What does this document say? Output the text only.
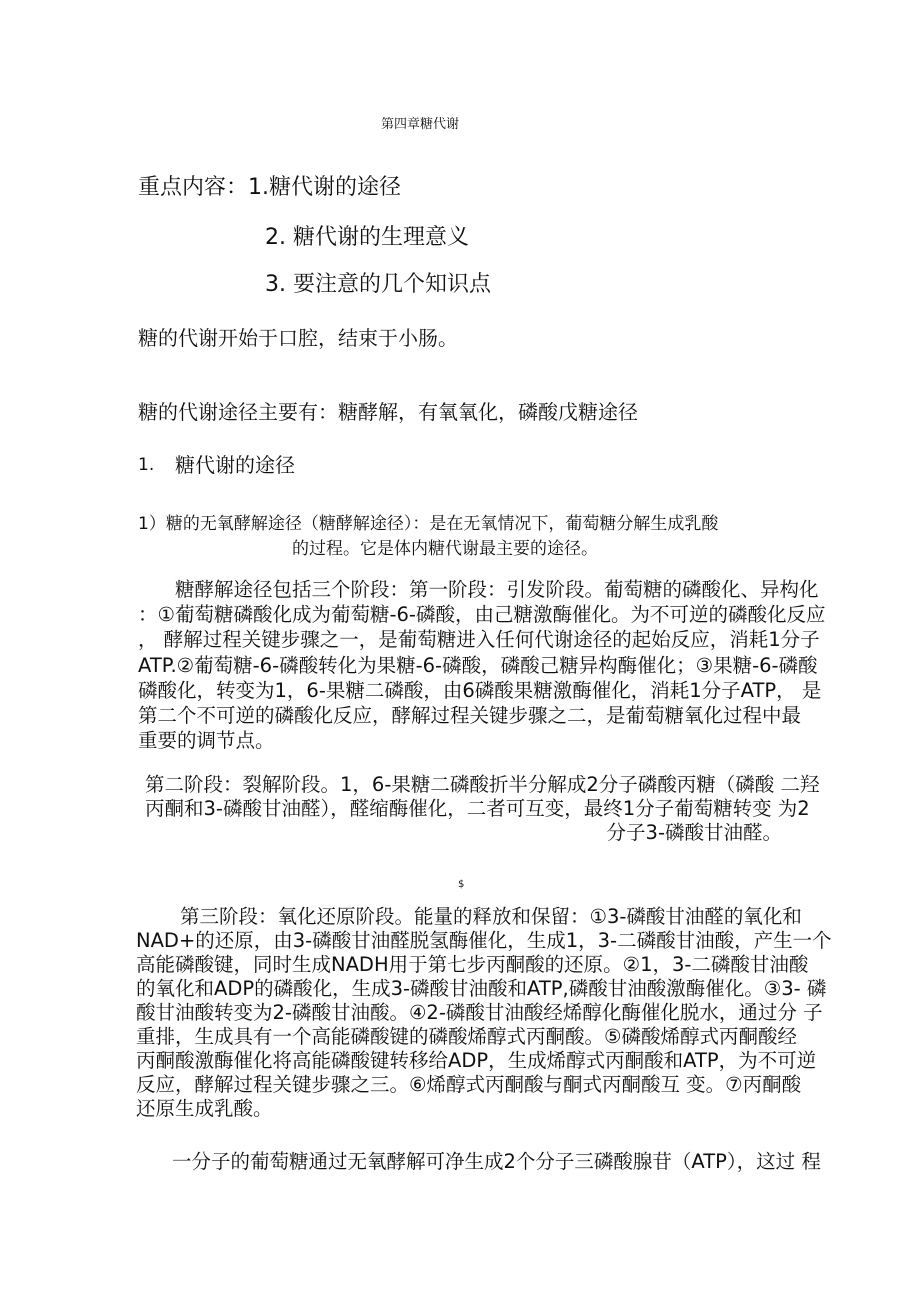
第四章糖代谢
重点内容：1.糖代谢的途径
2. 糖代谢的生理意义
3. 要注意的几个知识点
糖的代谢开始于口腔，结束于小肠。
糖的代谢途径主要有：糖酵解，有氧氧化，磷酸戊糖途径
1. 糖代谢的途径
1）糖的无氧酵解途径（糖酵解途径）：是在无氧情况下，葡萄糖分解生成乳酸
的过程。它是体内糖代谢最主要的途径。
糖酵解途径包括三个阶段：第一阶段：引发阶段。葡萄糖的磷酸化、异构化
：①葡萄糖磷酸化成为葡萄糖-6-磷酸，由己糖激酶催化。为不可逆的磷酸化反应
， 酵解过程关键步骤之一，是葡萄糖进入任何代谢途径的起始反应，消耗1分子
ATP.②葡萄糖-6-磷酸转化为果糖-6-磷酸，磷酸己糖异构酶催化；③果糖-6-磷酸
磷酸化，转变为1，6-果糖二磷酸，由6磷酸果糖激酶催化，消耗1分子ATP， 是
第二个不可逆的磷酸化反应，酵解过程关键步骤之二，是葡萄糖氧化过程中最
重要的调节点。
第二阶段：裂解阶段。1，6-果糖二磷酸折半分解成2分子磷酸丙糖（磷酸 二羟
丙酮和3-磷酸甘油醛），醛缩酶催化，二者可互变，最终1分子葡萄糖转变 为2
分子3-磷酸甘油醛。
$
第三阶段：氧化还原阶段。能量的释放和保留：①3-磷酸甘油醛的氧化和
NAD+的还原，由3-磷酸甘油醛脱氢酶催化，生成1，3-二磷酸甘油酸，产生一个
高能磷酸键，同时生成NADH用于第七步丙酮酸的还原。②1，3-二磷酸甘油酸
的氧化和ADP的磷酸化，生成3-磷酸甘油酸和ATP,磷酸甘油酸激酶催化。③3- 磷
酸甘油酸转变为2-磷酸甘油酸。④2-磷酸甘油酸经烯醇化酶催化脱水，通过分 子
重排，生成具有一个高能磷酸键的磷酸烯醇式丙酮酸。⑤磷酸烯醇式丙酮酸经
丙酮酸激酶催化将高能磷酸键转移给ADP，生成烯醇式丙酮酸和ATP，为不可逆
反应，酵解过程关键步骤之三。⑥烯醇式丙酮酸与酮式丙酮酸互 变。⑦丙酮酸
还原生成乳酸。
一分子的葡萄糖通过无氧酵解可净生成2个分子三磷酸腺苷（ATP），这过 程
